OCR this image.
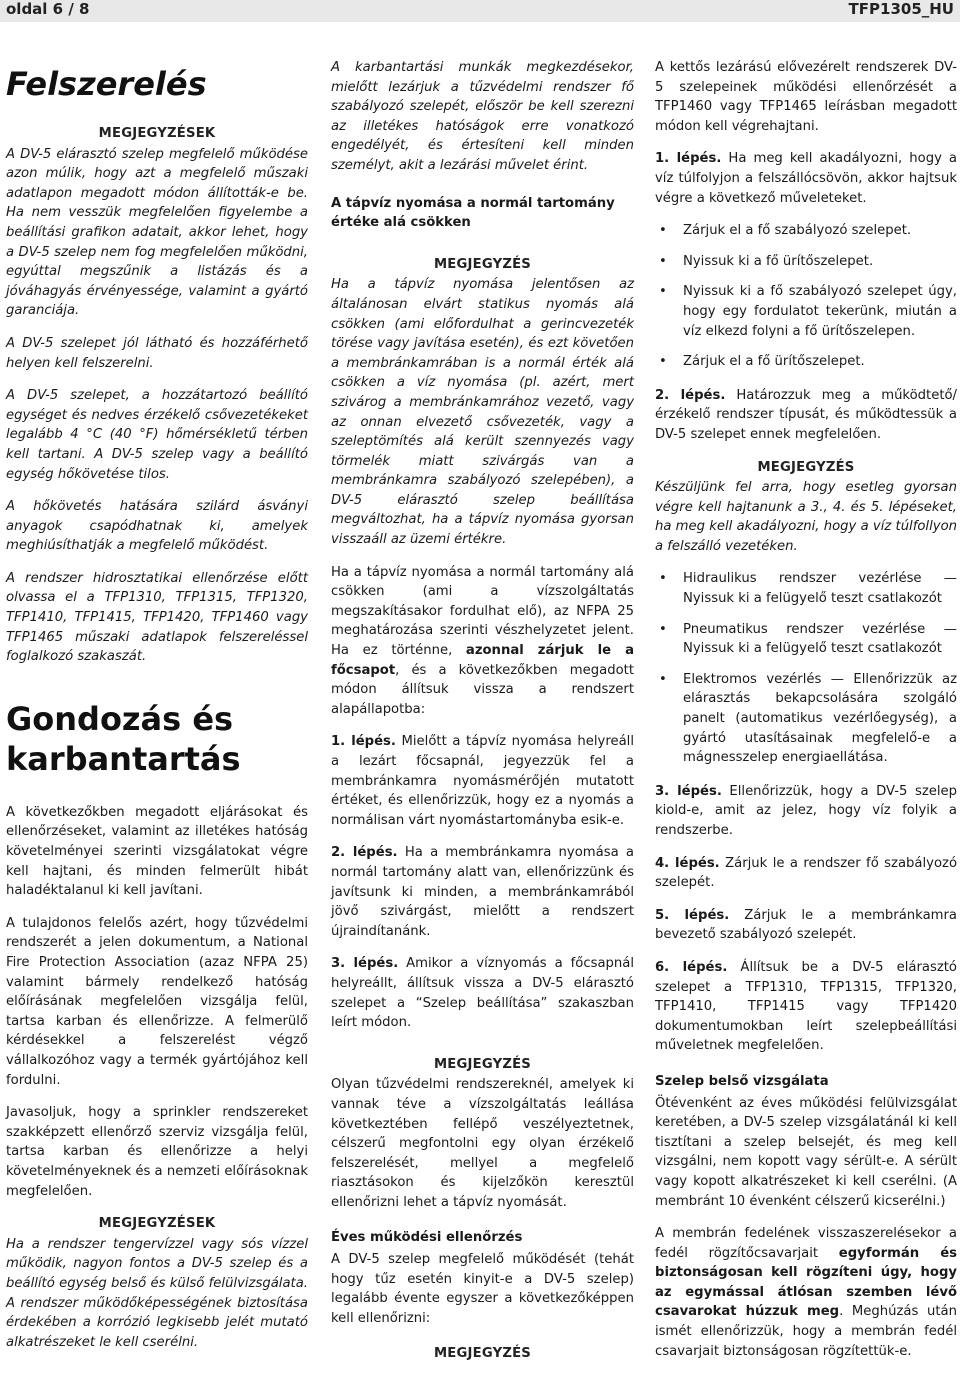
oldal 6 / 8	TFP1305_HU
Felszerelés
MEGJEGYZÉSEK

A DV-5 elárasztó szelep megfelelő működése azon múlik, hogy azt a megfelelő műszaki adatlapon megadott módon állították-e be. Ha nem vesszük megfelelően figyelembe a beállítási grafikon adatait, akkor lehet, hogy a DV-5 szelep nem fog megfelelően működni, egyúttal megszűnik a listázás és a jóváhagyás érvényessége, valamint a gyártó garanciája.

A DV-5 szelepet jól látható és hozzáférhető helyen kell felszerelni.

A DV-5 szelepet, a hozzátartozó beállító egységet és nedves érzékelő csővezetékeket legalább 4 °C (40 °F) hőmérsékletű térben kell tartani. A DV-5 szelep vagy a beállító egység hőkövetése tilos.

A hőkövetés hatására szilárd ásványi anyagok csapódhatnak ki, amelyek meghiúsíthatják a megfelelő működést.

A rendszer hidrosztatikai ellenőrzése előtt olvassa el a TFP1310, TFP1315, TFP1320, TFP1410, TFP1415, TFP1420, TFP1460 vagy TFP1465 műszaki adatlapok felszereléssel foglalkozó szakaszát.

Gondozás és karbantartás

A következőkben megadott eljárásokat és ellenőrzéseket, valamint az illetékes hatóság követelményei szerinti vizsgálatokat végre kell hajtani, és minden felmerült hibát haladéktalanul ki kell javítani.

A tulajdonos felelős azért, hogy tűzvédelmi rendszerét a jelen dokumentum, a National Fire Protection Association (azaz NFPA 25) valamint bármely rendelkező hatóság előírásának megfelelően vizsgálja felül, tartsa karban és ellenőrizze. A felmerülő kérdésekkel a felszerelést végző vállalkozóhoz vagy a termék gyártójához kell fordulni.

Javasoljuk, hogy a sprinkler rendszereket szakképzett ellenőrző szerviz vizsgálja felül, tartsa karban és ellenőrizze a helyi követelményeknek és a nemzeti előírásoknak megfelelően.

MEGJEGYZÉSEK

Ha a rendszer tengervízzel vagy sós vízzel működik, nagyon fontos a DV-5 szelep és a beállító egység belső és külső felülvizsgálata. A rendszer működőképességének biztosítása érdekében a korrózió legkisebb jelét mutató alkatrészeket le kell cserélni.

A karbantartási munkák megkezdésekor, mielőtt lezárjuk a tűzvédelmi rendszer fő szabályozó szelepét, először be kell szerezni az illetékes hatóságok erre vonatkozó engedélyét, és értesíteni kell minden személyt, akit a lezárási művelet érint.

A tápvíz nyomása a normál tartomány értéke alá csökken
MEGJEGYZÉS

Ha a tápvíz nyomása jelentősen az általánosan elvárt statikus nyomás alá csökken (ami előfordulhat a gerincvezeték törése vagy javítása esetén), és ezt követően a membránkamrában is a normál érték alá csökken a víz nyomása (pl. azért, mert szivárog a membránkamrához vezető, vagy az onnan elvezető csővezeték, vagy a szeleptömítés alá került szennyezés vagy törmelék miatt szivárgás van a membránkamra szabályozó szelepében), a DV-5 elárasztó szelep beállítása megváltozhat, ha a tápvíz nyomása gyorsan visszaáll az üzemi értékre.

Ha a tápvíz nyomása a normál tartomány alá csökken (ami a vízszolgáltatás megszakításakor fordulhat elő), az NFPA 25 meghatározása szerinti vészhelyzetet jelent. Ha ez történne, azonnal zárjuk le a főcsapot, és a következőkben megadott módon állítsuk vissza a rendszert alapállapotba:

1. lépés. Mielőtt a tápvíz nyomása helyreáll a lezárt főcsapnál, jegyezzük fel a membránkamra nyomásmérőjén mutatott értéket, és ellenőrizzük, hogy ez a nyomás a normálisan várt nyomástartományba esik-e.

2. lépés. Ha a membránkamra nyomása a normál tartomány alatt van, ellenőrizzünk és javítsunk ki minden, a membránkamrából jövő szivárgást, mielőtt a rendszert újraindítanánk.

3. lépés. Amikor a víznyomás a főcsapnál helyreállt, állítsuk vissza a DV-5 elárasztó szelepet a “Szelep beállítása” szakaszban leírt módon.

MEGJEGYZÉS

Olyan tűzvédelmi rendszereknél, amelyek ki vannak téve a vízszolgáltatás leállása következtében fellépő veszélyeztetnek, célszerű megfontolni egy olyan érzékelő felszerelését, mellyel a megfelelő riasztásokon és kijelzőkön keresztül ellenőrizni lehet a tápvíz nyomását.

Éves működési ellenőrzés

A DV-5 szelep megfelelő működését (tehát hogy tűz esetén kinyit-e a DV-5 szelep) legalább évente egyszer a következőképpen kell ellenőrizni:

MEGJEGYZÉS

A kettős lezárású elővezérelt rendszerek DV-5 szelepeinek működési ellenőrzését a TFP1460 vagy TFP1465 leírásban megadott módon kell végrehajtani.

1. lépés. Ha meg kell akadályozni, hogy a víz túlfolyjon a felszállócsövön, akkor hajtsuk végre a következő műveleteket.

• Zárjuk el a fő szabályozó szelepet.
• Nyissuk ki a fő ürítőszelepet.
• Nyissuk ki a fő szabályozó szelepet úgy, hogy egy fordulatot tekerünk, miután a víz elkezd folyni a fő ürítőszelepen.
• Zárjuk el a fő ürítőszelepet.

2. lépés. Határozzuk meg a működtető/ érzékelő rendszer típusát, és működtessük a DV-5 szelepet ennek megfelelően.

MEGJEGYZÉS

Készüljünk fel arra, hogy esetleg gyorsan végre kell hajtanunk a 3., 4. és 5. lépéseket, ha meg kell akadályozni, hogy a víz túlfollyon a felszálló vezetéken.

• Hidraulikus rendszer vezérlése — Nyissuk ki a felügyelő teszt csatlakozót
• Pneumatikus rendszer vezérlése — Nyissuk ki a felügyelő teszt csatlakozót
• Elektromos vezérlés — Ellenőrizzük az elárasztás bekapcsolására szolgáló panelt (automatikus vezérlőegység), a gyártó utasításainak megfelelő-e a mágnesszelep energiaellátása.

3. lépés. Ellenőrizzük, hogy a DV-5 szelep kiold-e, amit az jelez, hogy víz folyik a rendszerbe.

4. lépés. Zárjuk le a rendszer fő szabályozó szelepét.

5. lépés. Zárjuk le a membránkamra bevezető szabályozó szelepét.

6. lépés. Állítsuk be a DV-5 elárasztó szelepet a TFP1310, TFP1315, TFP1320, TFP1410, TFP1415 vagy TFP1420 dokumentumokban leírt szelepbeállítási műveletnek megfelelően.

Szelep belső vizsgálata

Ötévenként az éves működési felülvizsgálat keretében, a DV-5 szelep vizsgálatánál ki kell tisztítani a szelep belsejét, és meg kell vizsgálni, nem kopott vagy sérült-e. A sérült vagy kopott alkatrészeket ki kell cserélni. (A membránt 10 évenként célszerű kicserélni.)

A membrán fedelének visszaszerelésekor a fedél rögzítőcsavarjait egyformán és biztonságosan kell rögzíteni úgy, hogy az egymással átlósan szemben lévő csavarokat húzzuk meg. Meghúzás után ismét ellenőrizzük, hogy a membrán fedél csavarjait biztonságosan rögzítettük-e.
